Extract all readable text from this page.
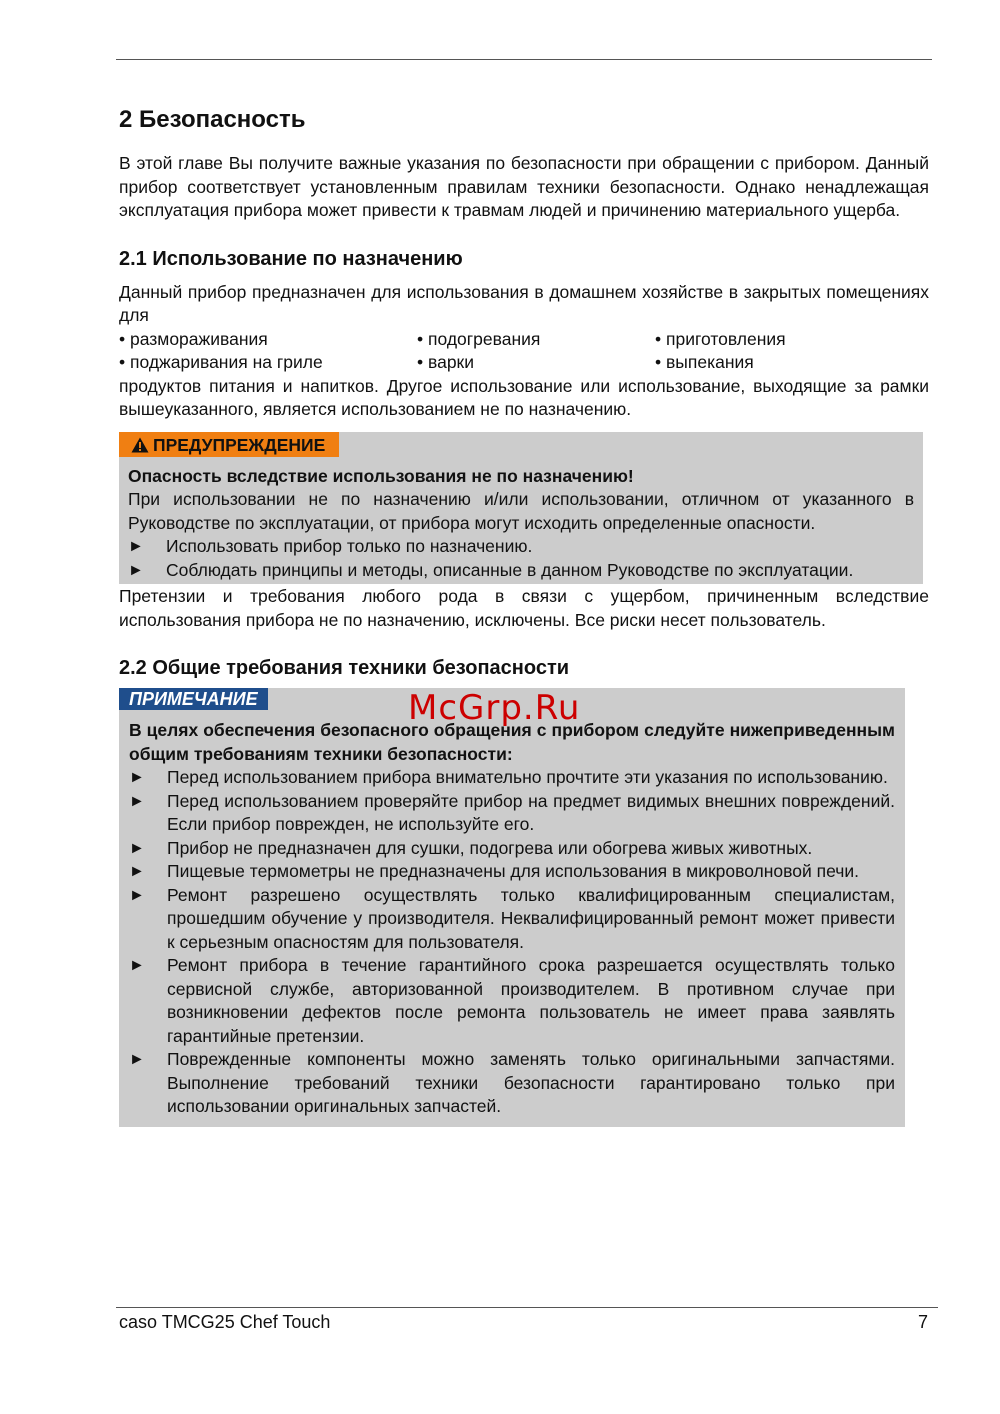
2 Безопасность

В этой главе Вы получите важные указания по безопасности при обращении с прибором. Данный прибор соответствует установленным правилам техники безопасности. Однако ненадлежащая эксплуатация прибора может привести к травмам людей и причинению материального ущерба.

2.1 Использование по назначению

Данный прибор предназначен для использования в домашнем хозяйстве в закрытых помещениях для

• размораживания	• подогревания	• приготовления
• поджаривания на гриле	• варки	• выпекания

продуктов питания и напитков. Другое использование или использование, выходящие за рамки вышеуказанного, является использованием не по назначению.

ПРЕДУПРЕЖДЕНИЕ

Опасность вследствие использования не по назначению!

При использовании не по назначению и/или использовании, отличном от указанного в Руководстве по эксплуатации, от прибора могут исходить определенные опасности.

►	Использовать прибор только по назначению.
►	Соблюдать принципы и методы, описанные в данном Руководстве по эксплуатации.

Претензии и требования любого рода в связи с ущербом, причиненным вследствие использования прибора не по назначению, исключены. Все риски несет пользователь.

2.2 Общие требования техники безопасности
ПРИМЕЧАНИЕ

В целях обеспечения безопасного обращения с прибором следуйте нижеприведенным общим требованиям техники безопасности:

►	Перед использованием прибора внимательно прочтите эти указания по использованию.
►	Перед использованием проверяйте прибор на предмет видимых внешних повреждений. Если прибор поврежден, не используйте его.
►	Прибор не предназначен для сушки, подогрева или обогрева живых животных.
►	Пищевые термометры не предназначены для использования в микроволновой печи.
►	Ремонт разрешено осуществлять только квалифицированным специалистам, прошедшим обучение у производителя. Неквалифицированный ремонт может привести к серьезным опасностям для пользователя.
►	Ремонт прибора в течение гарантийного срока разрешается осуществлять только сервисной службе, авторизованной производителем. В противном случае при возникновении дефектов после ремонта пользователь не имеет права заявлять гарантийные претензии.
►	Поврежденные компоненты можно заменять только оригинальными запчастями. Выполнение требований техники безопасности гарантировано только при использовании оригинальных запчастей.
McGrp.Ru
caso TMCG25 Chef Touch	7
